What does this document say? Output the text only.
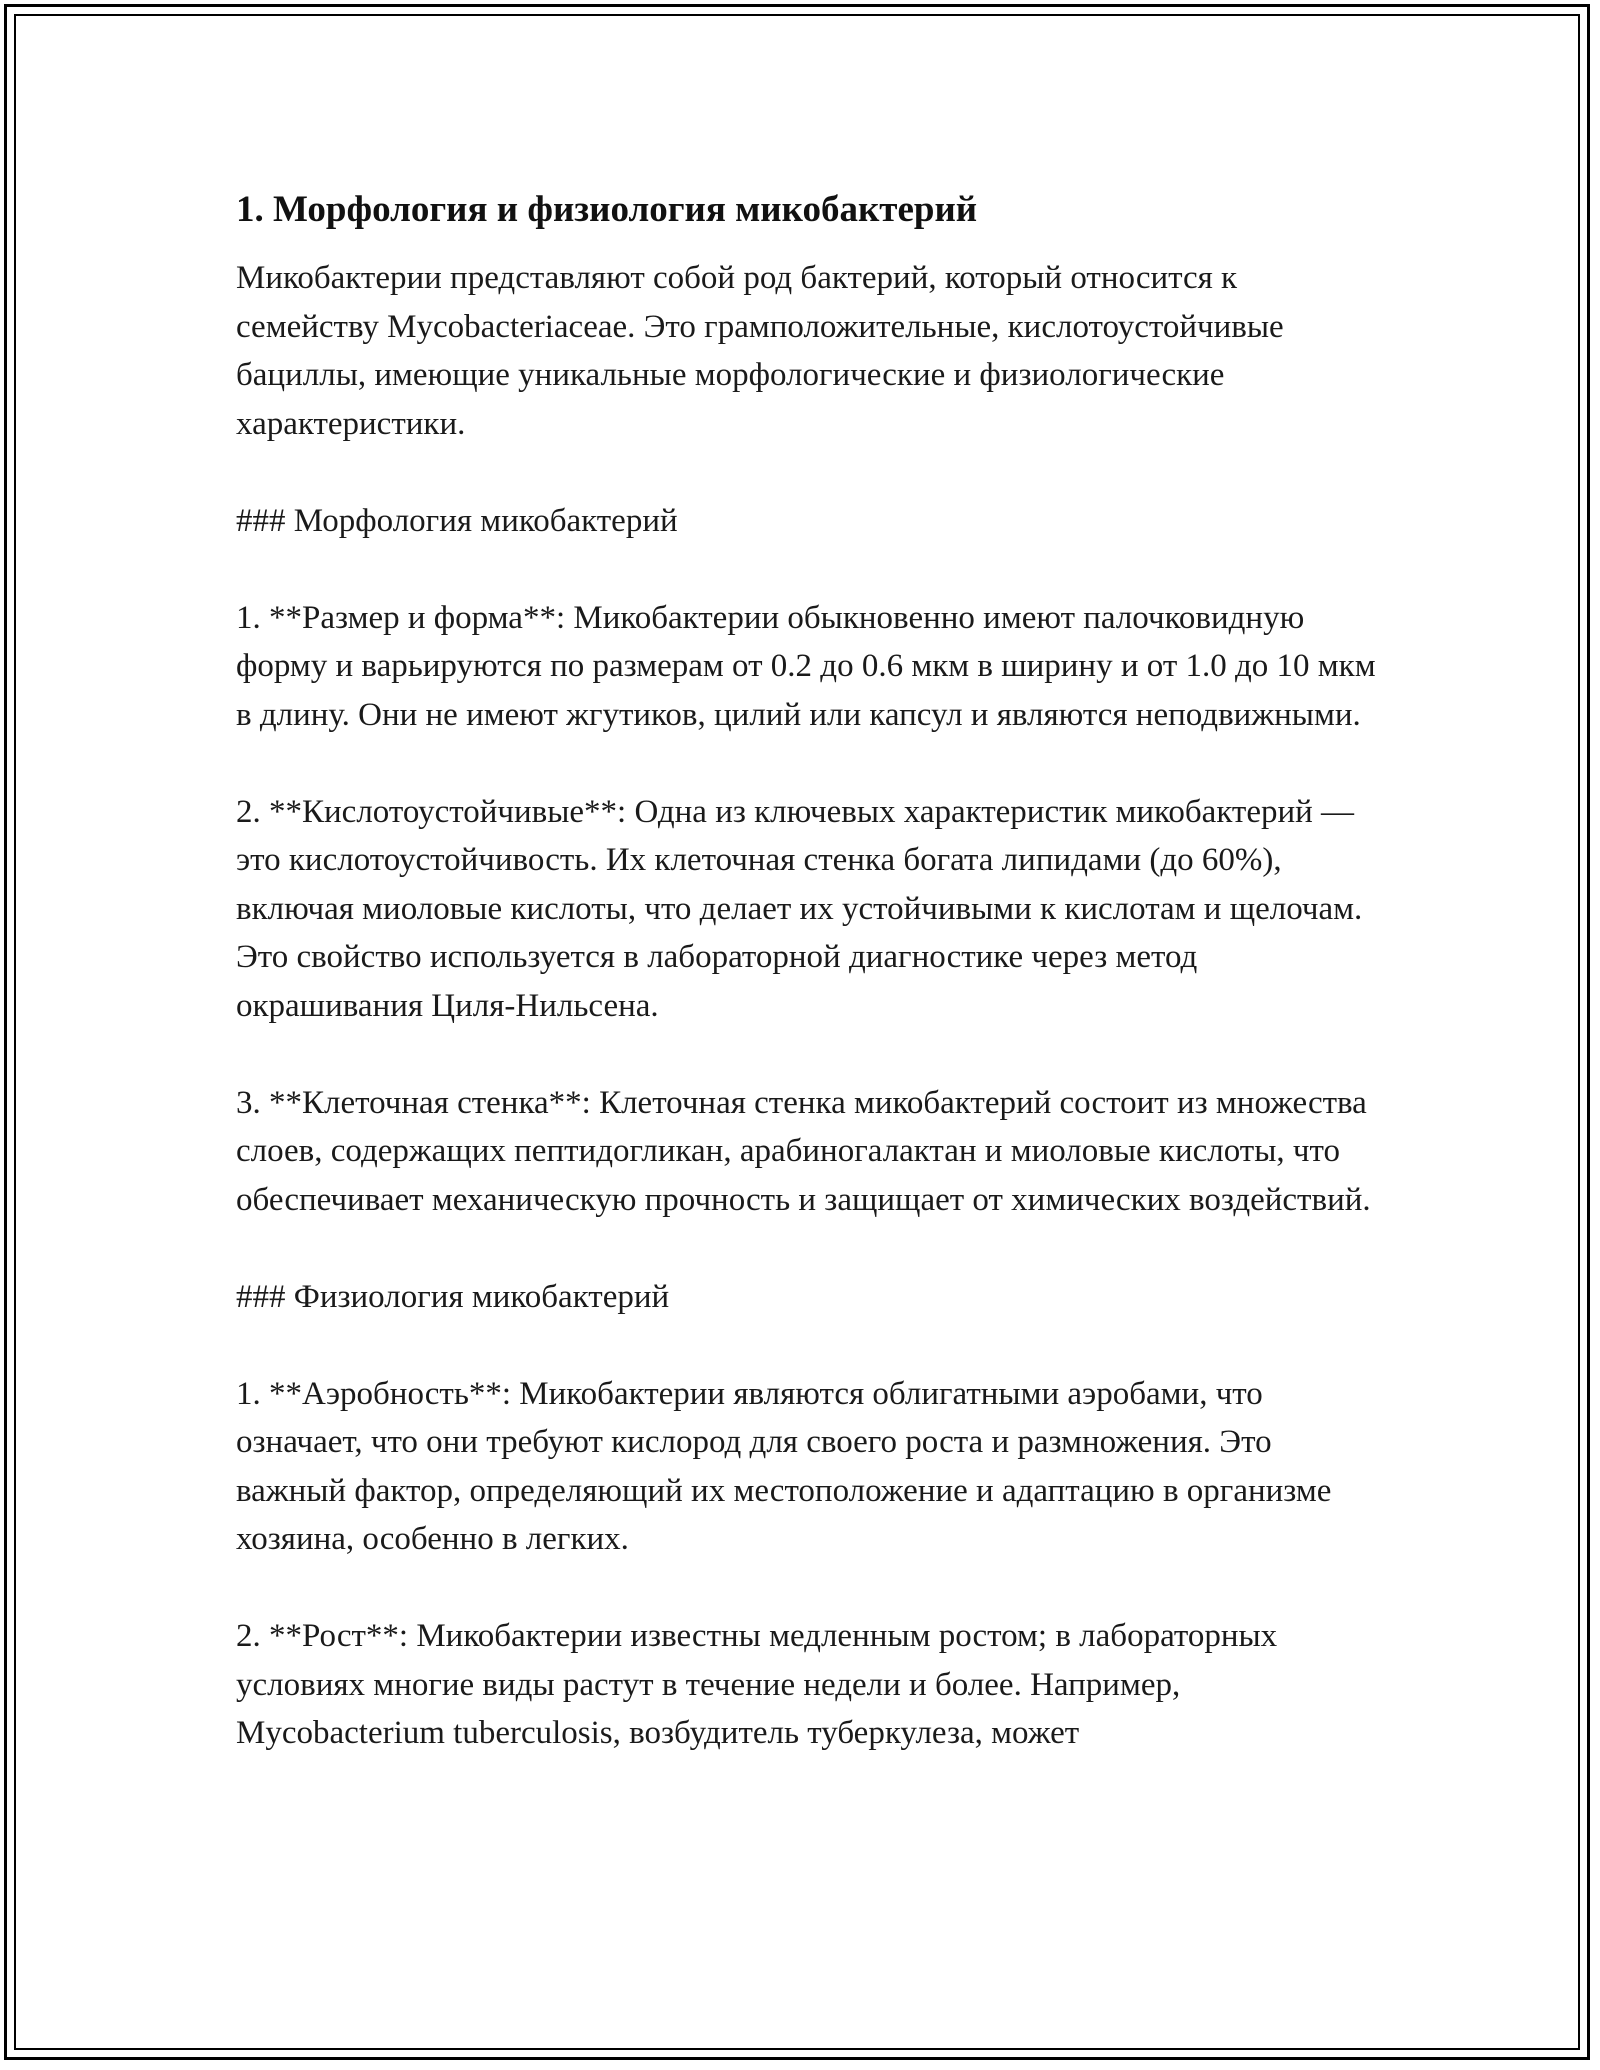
1. Морфология и физиология микобактерий

Микобактерии представляют собой род бактерий, который относится к семейству Mycobacteriaceae. Это грамположительные, кислотоустойчивые бациллы, имеющие уникальные морфологические и физиологические характеристики.

### Морфология микобактерий

1. **Размер и форма**: Микобактерии обыкновенно имеют палочковидную форму и варьируются по размерам от 0.2 до 0.6 мкм в ширину и от 1.0 до 10 мкм в длину. Они не имеют жгутиков, цилий или капсул и являются неподвижными.

2. **Кислотоустойчивые**: Одна из ключевых характеристик микобактерий — это кислотоустойчивость. Их клеточная стенка богата липидами (до 60%), включая миоловые кислоты, что делает их устойчивыми к кислотам и щелочам. Это свойство используется в лабораторной диагностике через метод окрашивания Циля-Нильсена.

3. **Клеточная стенка**: Клеточная стенка микобактерий состоит из множества слоев, содержащих пептидогликан, арабиногалактан и миоловые кислоты, что обеспечивает механическую прочность и защищает от химических воздействий.

### Физиология микобактерий

1. **Аэробность**: Микобактерии являются облигатными аэробами, что означает, что они требуют кислород для своего роста и размножения. Это важный фактор, определяющий их местоположение и адаптацию в организме хозяина, особенно в легких.

2. **Рост**: Микобактерии известны медленным ростом; в лабораторных условиях многие виды растут в течение недели и более. Например, Mycobacterium tuberculosis, возбудитель туберкулеза, может
